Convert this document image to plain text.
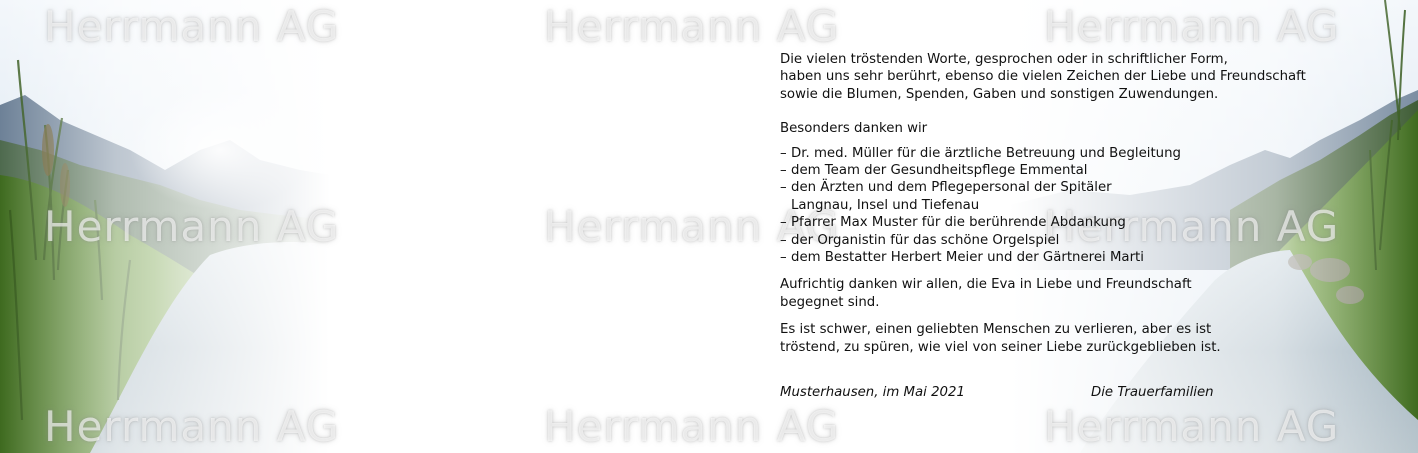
Herrmann AG	Herrmann AG	Herrmann AG
Herrmann AG	Herrmann AG	Herrmann AG
Herrmann AG	Herrmann AG	Herrmann AG

Die vielen tröstenden Worte, gesprochen oder in schriftlicher Form,
haben uns sehr berührt, ebenso die vielen Zeichen der Liebe und Freundschaft
sowie die Blumen, Spenden, Gaben und sonstigen Zuwendungen.

Besonders danken wir

– Dr. med. Müller für die ärztliche Betreuung und Begleitung
– dem Team der Gesundheitspflege Emmental
– den Ärzten und dem Pflegepersonal der Spitäler
Langnau, Insel und Tiefenau
– Pfarrer Max Muster für die berührende Abdankung
– der Organistin für das schöne Orgelspiel
– dem Bestatter Herbert Meier und der Gärtnerei Marti

Aufrichtig danken wir allen, die Eva in Liebe und Freundschaft
begegnet sind.

Es ist schwer, einen geliebten Menschen zu verlieren, aber es ist
tröstend, zu spüren, wie viel von seiner Liebe zurückgeblieben ist.

Musterhausen, im Mai 2021	Die Trauerfamilien
